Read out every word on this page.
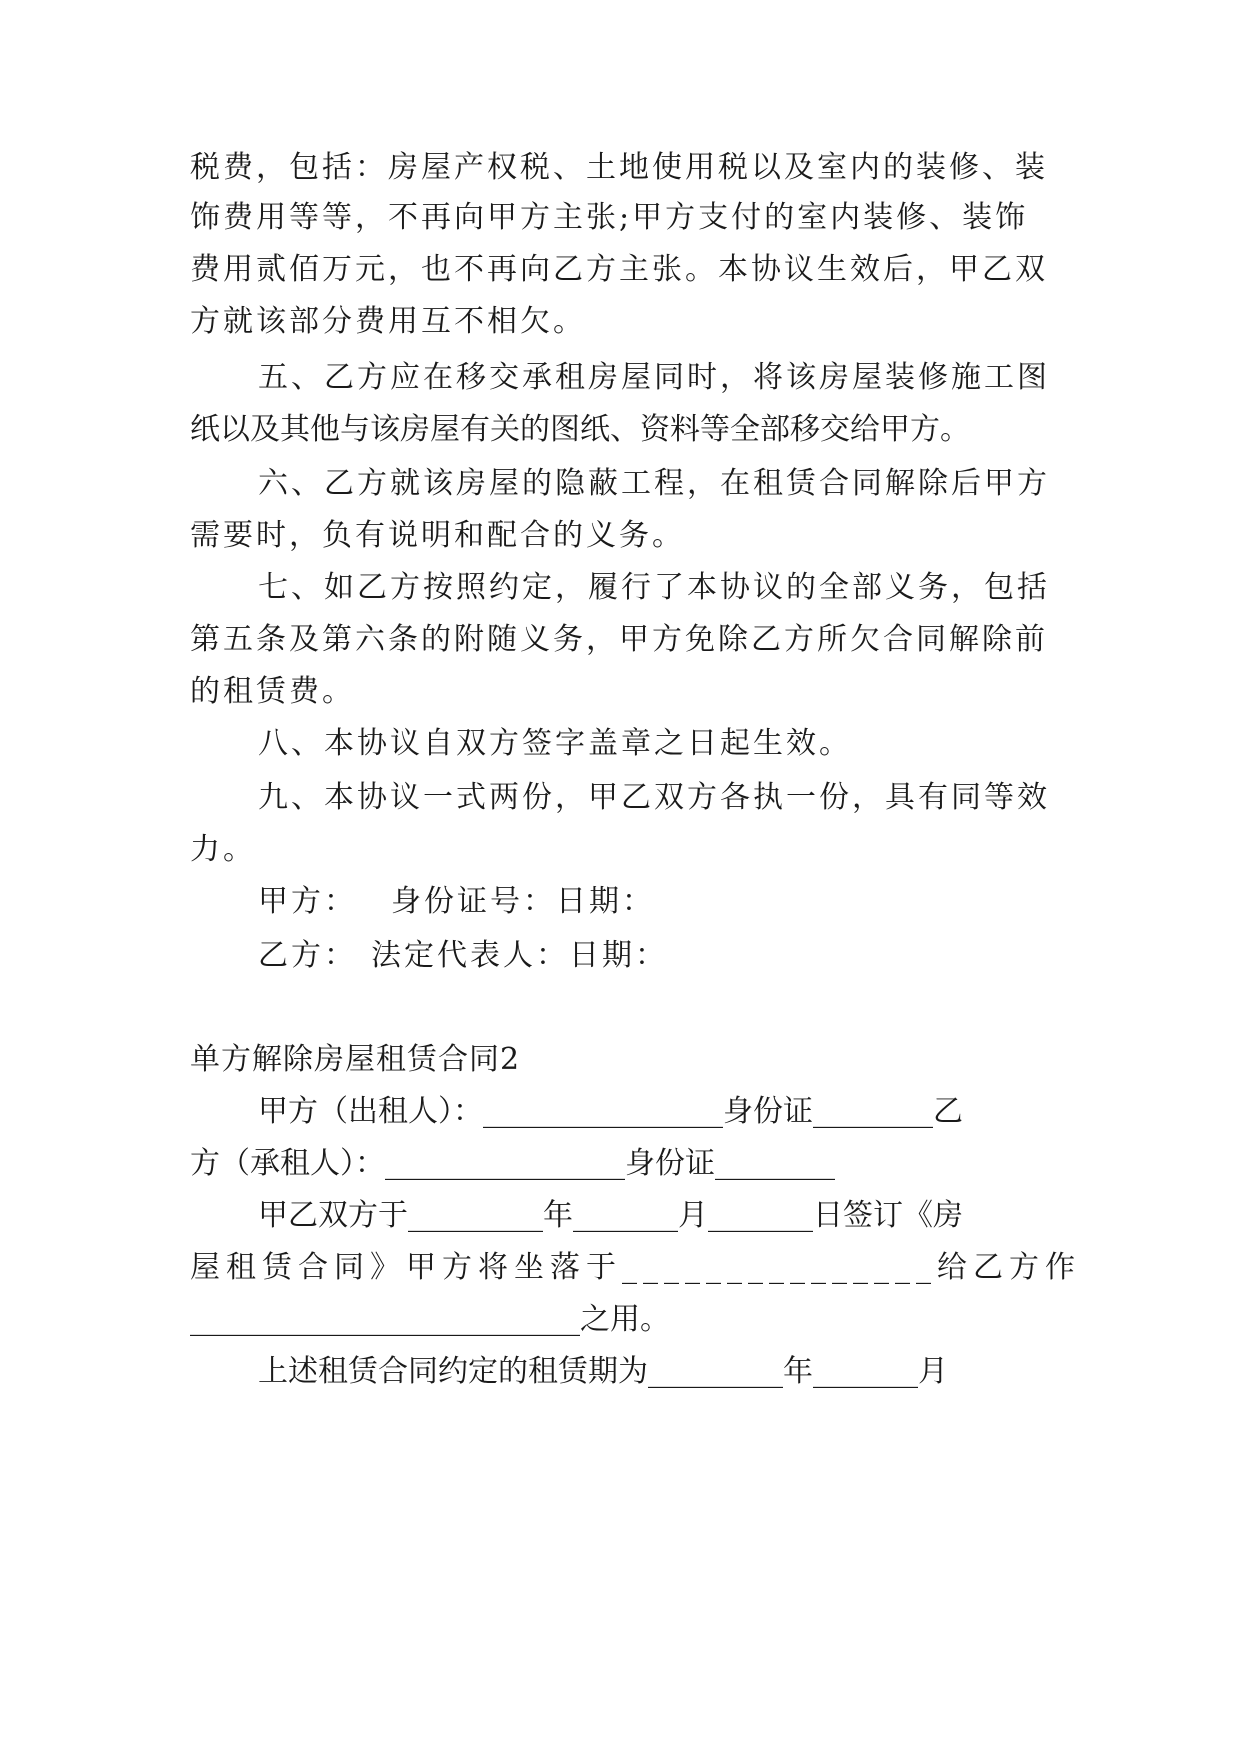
税费，包括：房屋产权税、土地使用税以及室内的装修、装
饰费用等等，不再向甲方主张;甲方支付的室内装修、装饰
费用贰佰万元，也不再向乙方主张。本协议生效后，甲乙双
方就该部分费用互不相欠。
五、乙方应在移交承租房屋同时，将该房屋装修施工图
纸以及其他与该房屋有关的图纸、资料等全部移交给甲方。
六、乙方就该房屋的隐蔽工程，在租赁合同解除后甲方
需要时，负有说明和配合的义务。
七、如乙方按照约定，履行了本协议的全部义务，包括
第五条及第六条的附随义务，甲方免除乙方所欠合同解除前
的租赁费。
八、本协议自双方签字盖章之日起生效。
九、本协议一式两份，甲乙双方各执一份，具有同等效
力。
甲方： 身份证号：日期：
乙方： 法定代表人：日期：
单方解除房屋租赁合同2
甲方（出租人）：________________身份证________乙
方（承租人）：________________身份证________
甲乙双方于_________年_______月_______日签订《房
屋租赁合同》甲方将坐落于_______________给乙方作
__________________________之用。
上述租赁合同约定的租赁期为_________年_______月
